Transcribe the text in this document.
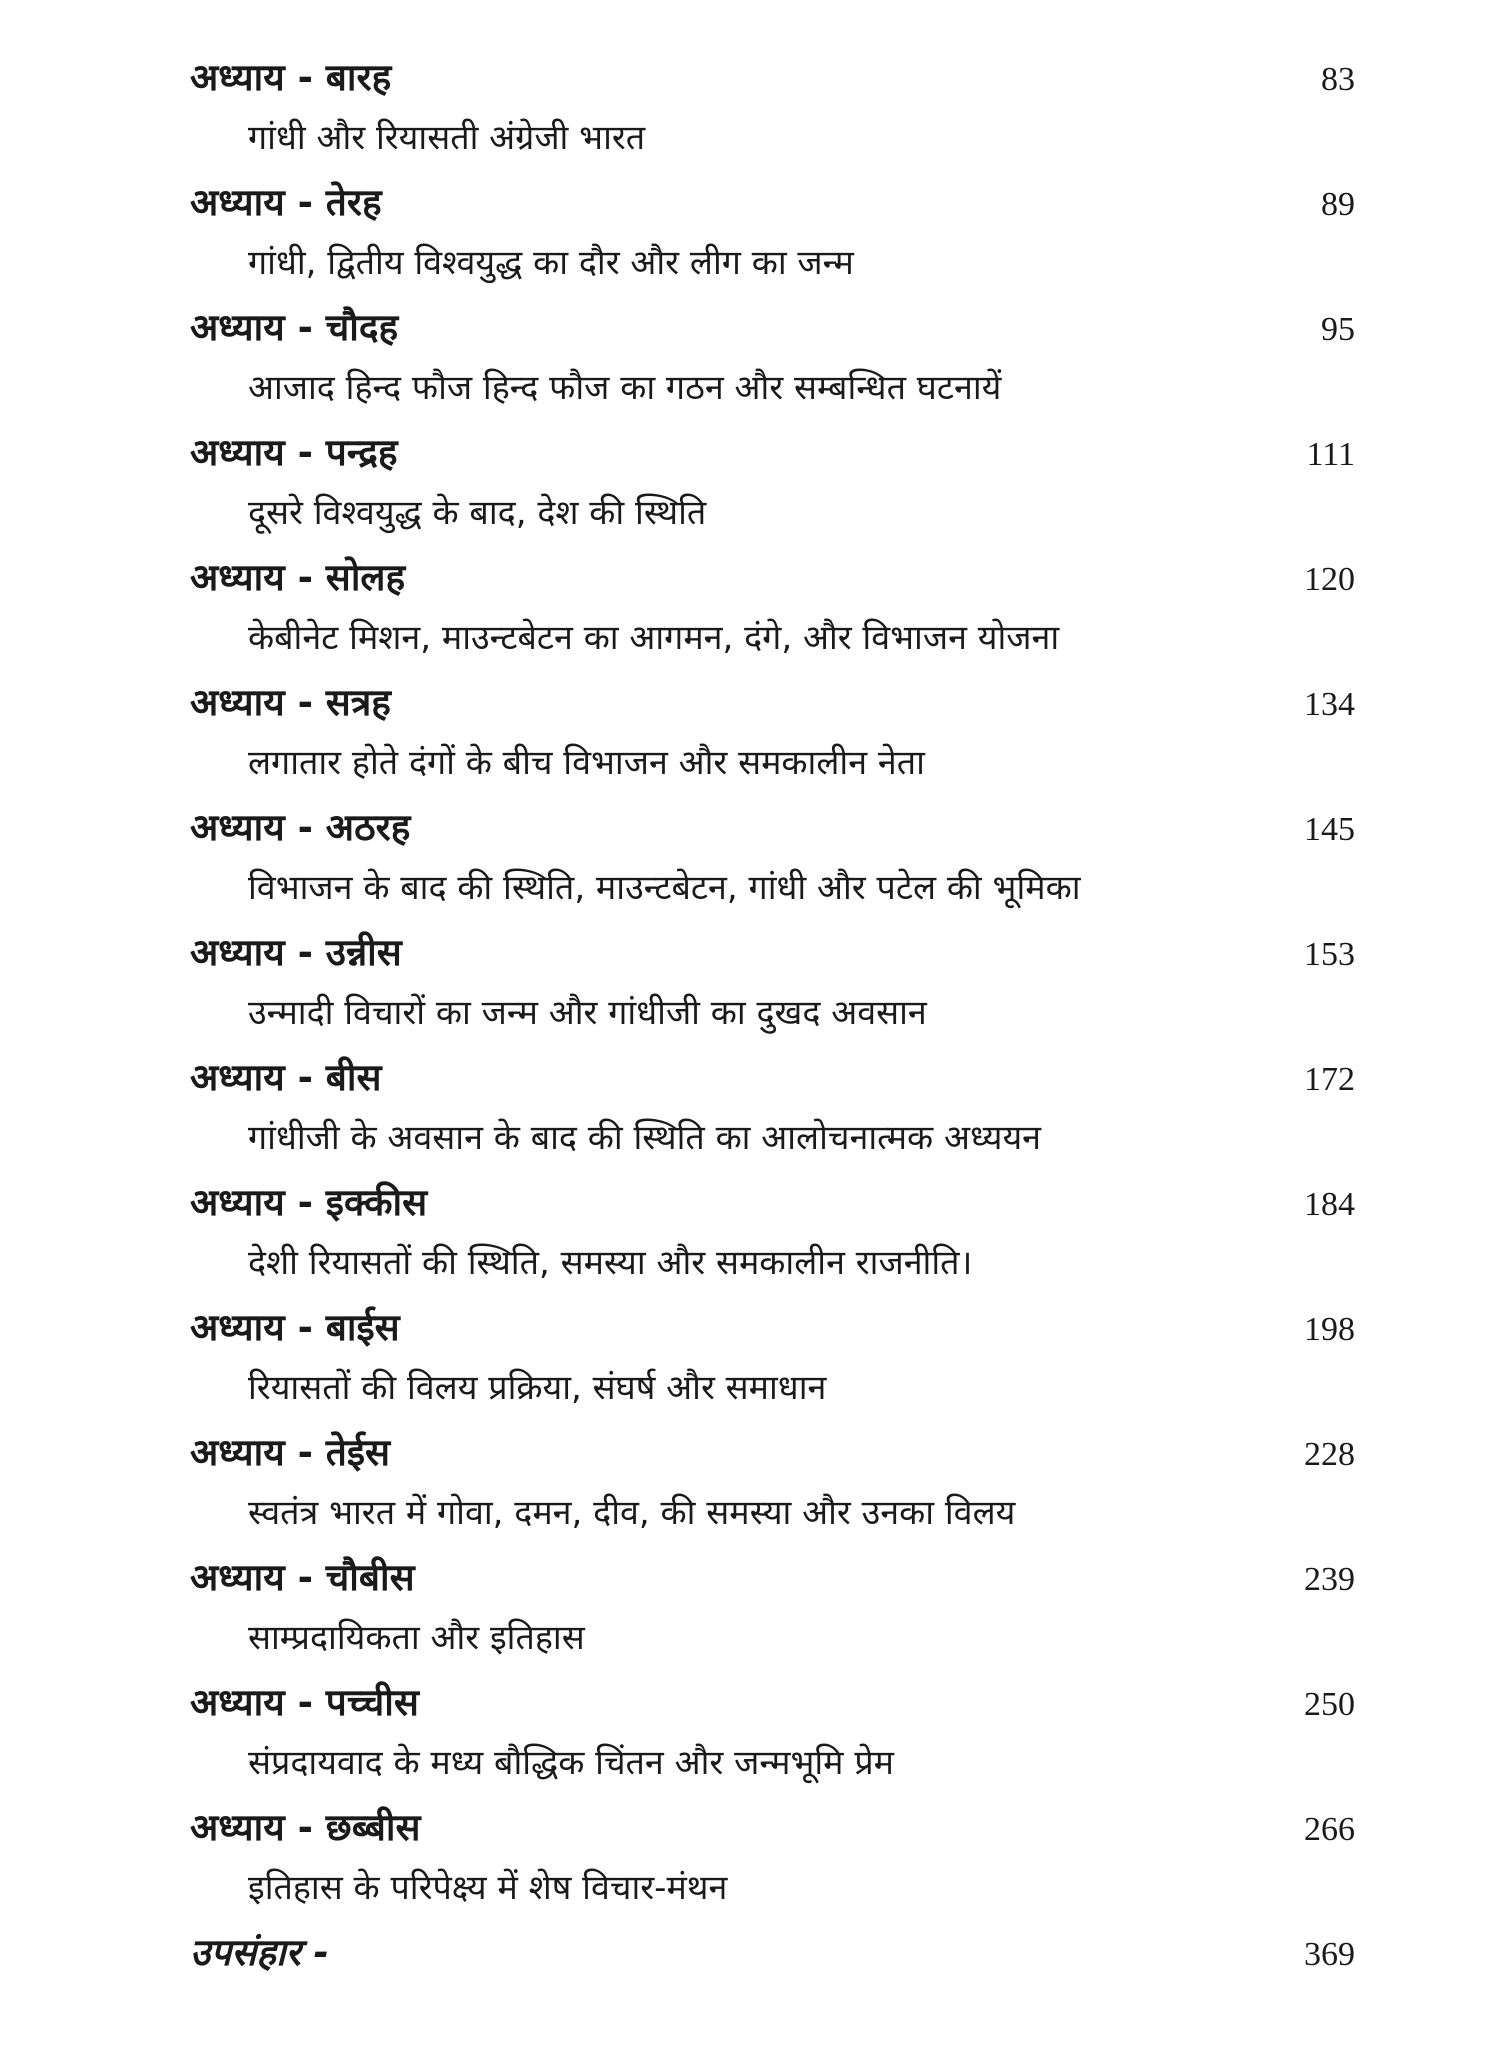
अध्याय - बारह	83
गांधी और रियासती अंग्रेजी भारत
अध्याय - तेरह	89
गांधी, द्वितीय विश्वयुद्ध का दौर और लीग का जन्म
अध्याय - चौदह	95
आजाद हिन्द फौज हिन्द फौज का गठन और सम्बन्धित घटनायें
अध्याय - पन्द्रह	111
दूसरे विश्वयुद्ध के बाद, देश की स्थिति
अध्याय - सोलह	120
केबीनेट मिशन, माउन्टबेटन का आगमन, दंगे, और विभाजन योजना
अध्याय - सत्रह	134
लगातार होते दंगों के बीच विभाजन और समकालीन नेता
अध्याय - अठरह	145
विभाजन के बाद की स्थिति, माउन्टबेटन, गांधी और पटेल की भूमिका
अध्याय - उन्नीस	153
उन्मादी विचारों का जन्म और गांधीजी का दुखद अवसान
अध्याय - बीस	172
गांधीजी के अवसान के बाद की स्थिति का आलोचनात्मक अध्ययन
अध्याय - इक्कीस	184
देशी रियासतों की स्थिति, समस्या और समकालीन राजनीति।
अध्याय - बाईस	198
रियासतों की विलय प्रक्रिया, संघर्ष और समाधान
अध्याय - तेईस	228
स्वतंत्र भारत में गोवा, दमन, दीव, की समस्या और उनका विलय
अध्याय - चौबीस	239
साम्प्रदायिकता और इतिहास
अध्याय - पच्चीस	250
संप्रदायवाद के मध्य बौद्धिक चिंतन और जन्मभूमि प्रेम
अध्याय - छब्बीस	266
इतिहास के परिपेक्ष्य में शेष विचार-मंथन
उपसंहार -	369
